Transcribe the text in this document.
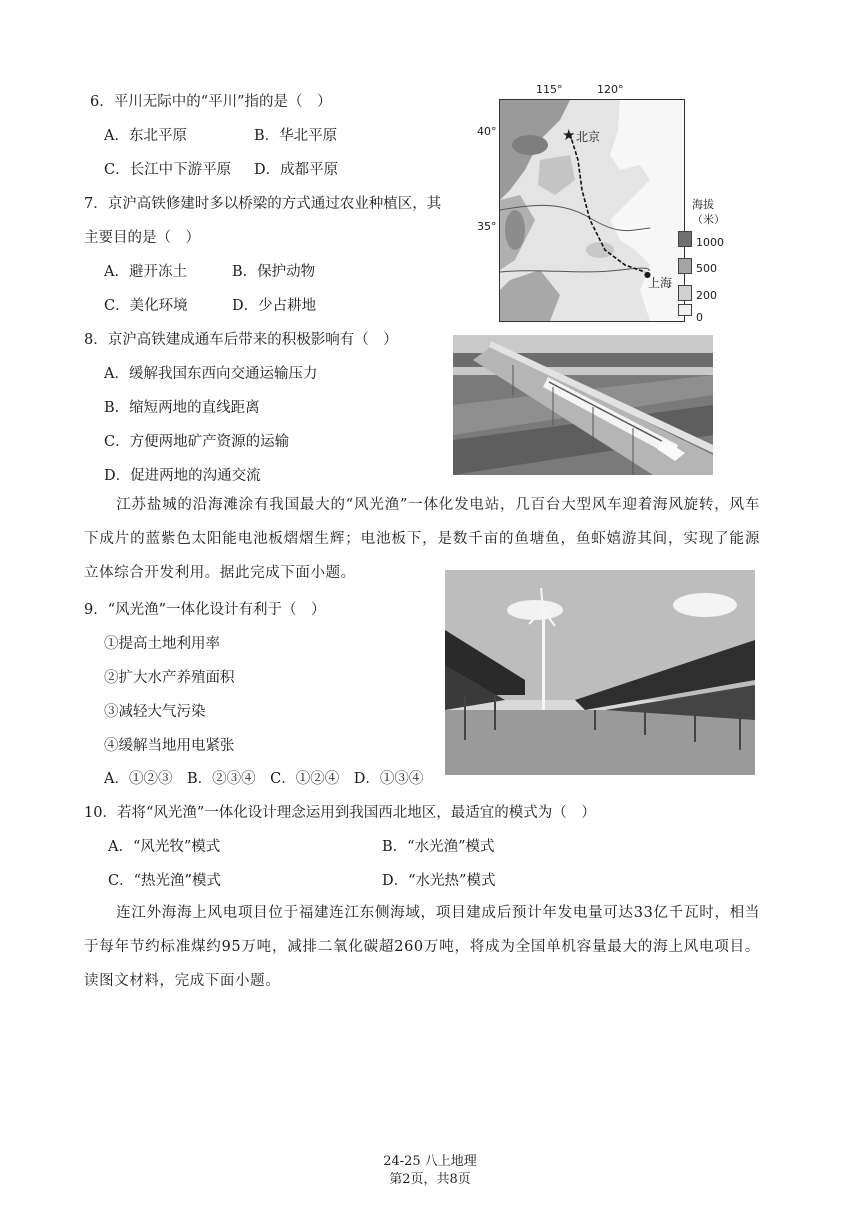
6．平川无际中的“平川”指的是（　）
A．东北平原	B．华北平原
C．长江中下游平原 D．成都平原
7．京沪高铁修建时多以桥梁的方式通过农业种植区，其
主要目的是（　）
A．避开冻土	B．保护动物
C．美化环境	D．少占耕地
115°	120°
40°
35°
★ 北京
●
上海
海拔
（米）
1000
500
200
0
8．京沪高铁建成通车后带来的积极影响有（　）
A．缓解我国东西向交通运输压力
B．缩短两地的直线距离
C．方便两地矿产资源的运输
D．促进两地的沟通交流
江苏盐城的沿海滩涂有我国最大的“风光渔”一体化发电站，几百台大型风车迎着海风旋转，风车下成片的蓝紫色太阳能电池板熠熠生辉；电池板下，是数千亩的鱼塘鱼，鱼虾嬉游其间，实现了能源立体综合开发利用。据此完成下面小题。
9．“风光渔”一体化设计有利于（　）
①提高土地利用率
②扩大水产养殖面积
③减轻大气污染
④缓解当地用电紧张
A．①②③　B．②③④　C．①②④　D．①③④
10．若将“风光渔”一体化设计理念运用到我国西北地区，最适宜的模式为（　）
A．“风光牧”模式	B．“水光渔”模式
C．“热光渔”模式	D．“水光热”模式
连江外海海上风电项目位于福建连江东侧海域，项目建成后预计年发电量可达33亿千瓦时，相当于每年节约标准煤约95万吨，减排二氧化碳超260万吨，将成为全国单机容量最大的海上风电项目。读图文材料，完成下面小题。
24-25 八上地理
第2页，共8页
